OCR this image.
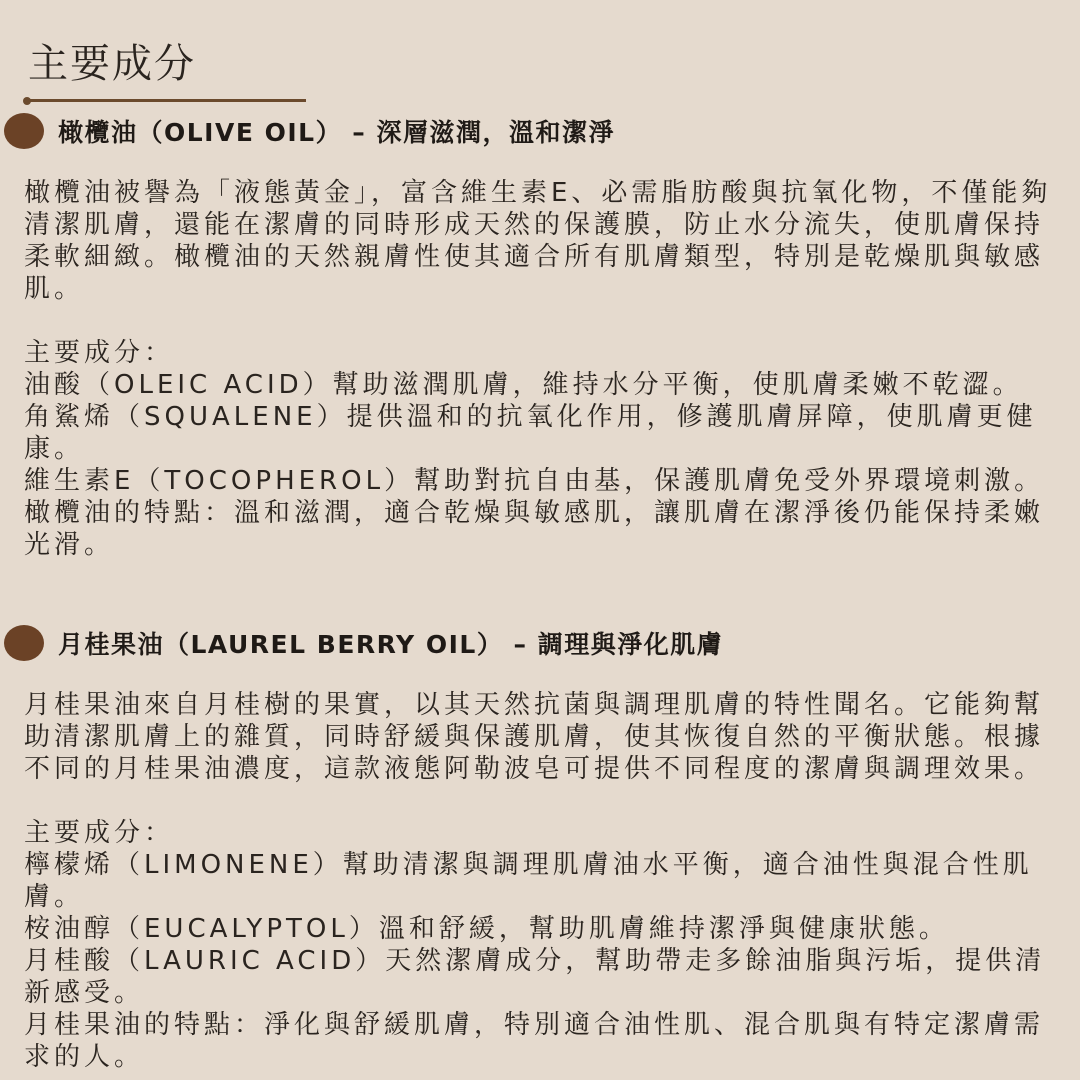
主要成分
橄欖油（OLIVE OIL） – 深層滋潤，溫和潔淨

橄欖油被譽為「液態黃金」，富含維生素E、必需脂肪酸與抗氧化物，不僅能夠清潔肌膚，還能在潔膚的同時形成天然的保護膜，防止水分流失，使肌膚保持柔軟細緻。橄欖油的天然親膚性使其適合所有肌膚類型，特別是乾燥肌與敏感肌。

主要成分：

油酸（OLEIC ACID）幫助滋潤肌膚，維持水分平衡，使肌膚柔嫩不乾澀。

角鯊烯（SQUALENE）提供溫和的抗氧化作用，修護肌膚屏障，使肌膚更健康。

維生素E（TOCOPHEROL）幫助對抗自由基，保護肌膚免受外界環境刺激。

橄欖油的特點：溫和滋潤，適合乾燥與敏感肌，讓肌膚在潔淨後仍能保持柔嫩光滑。

月桂果油（LAUREL BERRY OIL） – 調理與淨化肌膚

月桂果油來自月桂樹的果實，以其天然抗菌與調理肌膚的特性聞名。它能夠幫助清潔肌膚上的雜質，同時舒緩與保護肌膚，使其恢復自然的平衡狀態。根據不同的月桂果油濃度，這款液態阿勒波皂可提供不同程度的潔膚與調理效果。

主要成分：

檸檬烯（LIMONENE）幫助清潔與調理肌膚油水平衡，適合油性與混合性肌膚。

桉油醇（EUCALYPTOL）溫和舒緩，幫助肌膚維持潔淨與健康狀態。

月桂酸（LAURIC ACID）天然潔膚成分，幫助帶走多餘油脂與污垢，提供清新感受。

月桂果油的特點：淨化與舒緩肌膚，特別適合油性肌、混合肌與有特定潔膚需求的人。
